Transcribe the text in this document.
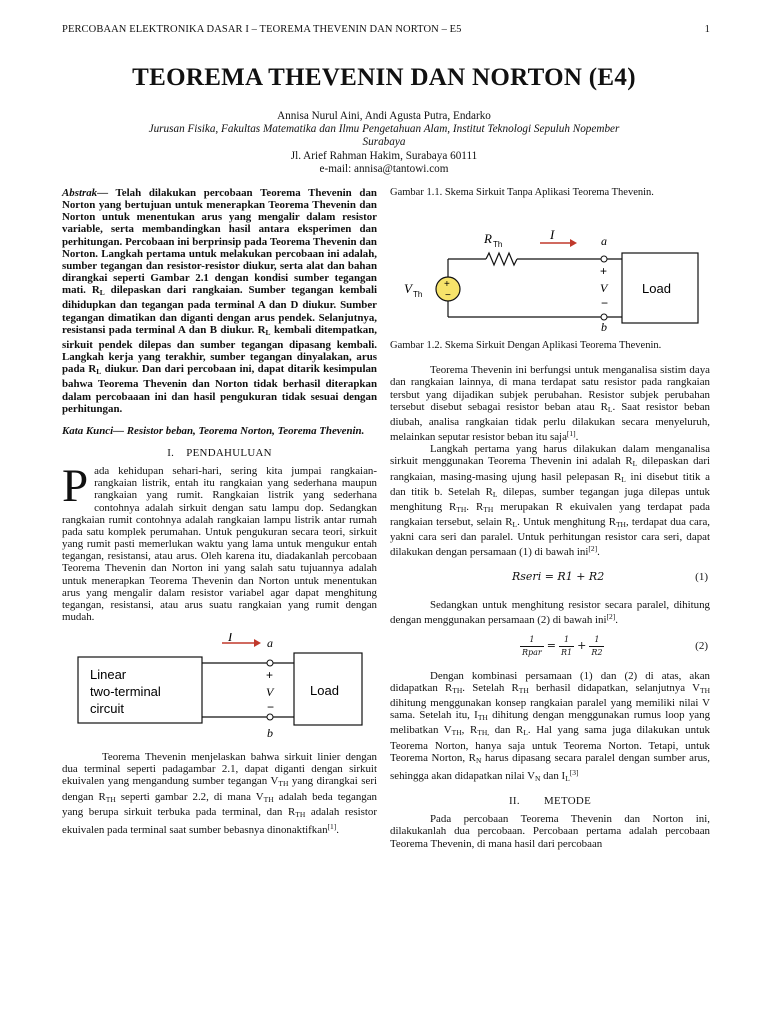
PERCOBAAN ELEKTRONIKA DASAR I – TEOREMA THEVENIN DAN NORTON – E5	1
TEOREMA THEVENIN DAN NORTON (E4)
Annisa Nurul Aini, Andi Agusta Putra, Endarko
Jurusan Fisika, Fakultas Matematika dan Ilmu Pengetahuan Alam, Institut Teknologi Sepuluh Nopember
Surabaya
Jl. Arief Rahman Hakim, Surabaya 60111
e-mail: annisa@tantowi.com

Abstrak— Telah dilakukan percobaan Teorema Thevenin dan Norton yang bertujuan untuk menerapkan Teorema Thevenin dan Norton untuk menentukan arus yang mengalir dalam resistor variable, serta membandingkan hasil antara eksperimen dan perhitungan. Percobaan ini berprinsip pada Teorema Thevenin dan Norton. Langkah pertama untuk melakukan percobaan ini adalah, sumber tegangan dan resistor-resistor diukur, serta alat dan bahan dirangkai seperti Gambar 2.1 dengan kondisi sumber tegangan mati. $R_L$ dilepaskan dari rangkaian. Sumber tegangan kembali dihidupkan dan tegangan pada terminal A dan D diukur. Sumber tegangan dimatikan dan diganti dengan arus pendek. Selanjutnya, resistansi pada terminal A dan B diukur. $R_L$ kembali ditempatkan, sirkuit pendek dilepas dan sumber tegangan dipasang kembali. Langkah kerja yang terakhir, sumber tegangan dinyalakan, arus pada $R_L$ diukur. Dan dari percobaan ini, dapat ditarik kesimpulan bahwa Teorema Thevenin dan Norton tidak berhasil diterapkan dalam percobaaan ini dan hasil pengukuran tidak sesuai dengan perhitungan.

Kata Kunci— Resistor beban, Teorema Norton, Teorema Thevenin.

I.    PENDAHULUAN

Pada kehidupan sehari-hari, sering kita jumpai rangkaian-rangkaian listrik, entah itu rangkaian yang sederhana maupun rangkaian yang rumit. Rangkaian listrik yang sederhana contohnya adalah sirkuit dengan satu lampu dop. Sedangkan rangkaian rumit contohnya adalah rangkaian lampu listrik antar rumah pada satu komplek perumahan. Untuk pengukuran secara teori, sirkuit yang rumit pasti memerlukan waktu yang lama untuk mengukur entah tegangan, resistansi, atau arus. Oleh karena itu, diadakanlah percobaan Teorema Thevenin dan Norton ini yang salah satu tujuannya adalah untuk menerapkan Teorema Thevenin dan Norton untuk menentukan arus yang mengalir dalam resistor variabel agar dapat menghitung tegangan, resistansi, atau arus suatu rangkaian yang rumit dengan mudah.

Linear
two-terminal
circuit
Load
I	a
+
V
−
b

Teorema Thevenin menjelaskan bahwa sirkuit linier dengan dua terminal seperti padagambar 2.1, dapat diganti dengan sirkuit ekuivalen yang mengandung sumber tegangan $V_{TH}$ yang dirangkai seri dengan $R_{TH}$ seperti gambar 2.2, di mana $V_{TH}$ adalah beda tegangan yang berupa sirkuit terbuka pada terminal, dan $R_{TH}$ adalah resistor ekuivalen pada terminal saat sumber bebasnya dinonaktifkan[1].

Gambar 1.1. Skema Sirkuit Tanpa Aplikasi Teorema Thevenin.

+
−
V Th
R Th
I	a
+
V
−
b
Load

Gambar 1.2. Skema Sirkuit Dengan Aplikasi Teorema Thevenin.

Teorema Thevenin ini berfungsi untuk menganalisa sistim daya dan rangkaian lainnya, di mana terdapat satu resistor pada rangkaian tersbut yang dijadikan subjek perubahan. Resistor subjek perubahan tersebut disebut sebagai resistor beban atau $R_L$. Saat resistor beban diubah, analisa rangkaian tidak perlu dilakukan secara menyeluruh, melainkan seputar resistor beban itu saja[1].

Langkah pertama yang harus dilakukan dalam menganalisa sirkuit menggunakan Teorema Thevenin ini adalah $R_L$ dilepaskan dari rangkaian, masing-masing ujung hasil pelepasan $R_L$ ini disebut titik a dan titik b. Setelah $R_L$ dilepas, sumber tegangan juga dilepas untuk menghitung $R_{TH}$. $R_{TH}$ merupakan R ekuivalen yang terdapat pada rangkaian tersebut, selain $R_L$. Untuk menghitung $R_{TH}$, terdapat dua cara, yakni cara seri dan paralel. Untuk perhitungan resistor cara seri, dapat dilakukan dengan persamaan (1) di bawah ini[2].

Rseri = R1 + R2	(1)

Sedangkan untuk menghitung resistor secara paralel, dihitung dengan menggunakan persamaan (2) di bawah ini[2].

$\frac{1}{\text{Rpar}} = \frac{1}{R1} + \frac{1}{R2}$	(2)

Dengan kombinasi persamaan (1) dan (2) di atas, akan didapatkan $R_{TH}$. Setelah $R_{TH}$ berhasil didapatkan, selanjutnya $V_{TH}$ dihitung menggunakan konsep rangkaian paralel yang memiliki nilai V sama. Setelah itu, $I_{TH}$ dihitung dengan menggunakan rumus loop yang melibatkan $V_{TH}$, $R_{TH,}$ dan $R_L$. Hal yang sama juga dilakukan untuk Teorema Norton, hanya saja untuk Teorema Norton. Tetapi, untuk Teorema Norton, $R_N$ harus dipasang secara paralel dengan sumber arus, sehingga akan didapatkan nilai $V_N$ dan $I_L[3]$

II.        METODE

Pada percobaan Teorema Thevenin dan Norton ini, dilakukanlah dua percobaan. Percobaan pertama adalah percobaan Teorema Thevenin, di mana hasil dari percobaan
